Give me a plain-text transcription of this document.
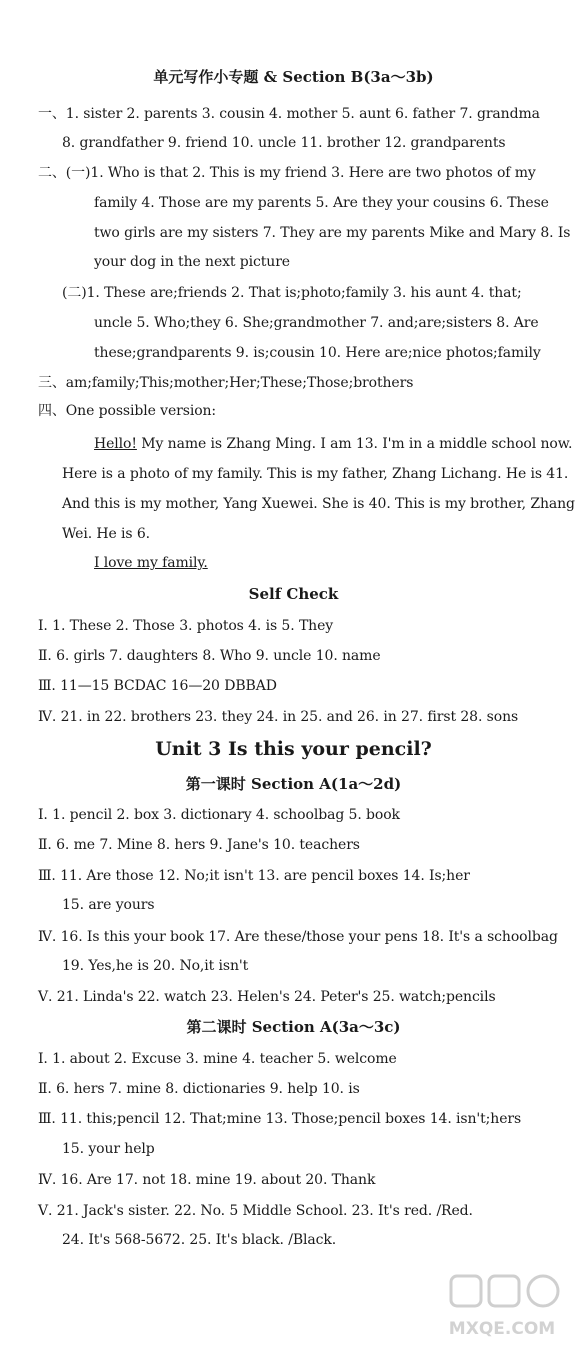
单元写作小专题 & Section B(3a～3b)
一、1. sister 2. parents 3. cousin 4. mother 5. aunt 6. father 7. grandma
8. grandfather 9. friend 10. uncle 11. brother 12. grandparents
二、(一)1. Who is that 2. This is my friend 3. Here are two photos of my
family 4. Those are my parents 5. Are they your cousins 6. These
two girls are my sisters 7. They are my parents Mike and Mary 8. Is
your dog in the next picture
(二)1. These are;friends 2. That is;photo;family 3. his aunt 4. that;
uncle 5. Who;they 6. She;grandmother 7. and;are;sisters 8. Are
these;grandparents 9. is;cousin 10. Here are;nice photos;family
三、am;family;This;mother;Her;These;Those;brothers
四、One possible version:
Hello! My name is Zhang Ming. I am 13. I'm in a middle school now.
Here is a photo of my family. This is my father, Zhang Lichang. He is 41.
And this is my mother, Yang Xuewei. She is 40. This is my brother, Zhang
Wei. He is 6.
I love my family.
Self Check
Ⅰ. 1. These 2. Those 3. photos 4. is 5. They
Ⅱ. 6. girls 7. daughters 8. Who 9. uncle 10. name
Ⅲ. 11—15 BCDAC 16—20 DBBAD
Ⅳ. 21. in 22. brothers 23. they 24. in 25. and 26. in 27. first 28. sons
Unit 3 Is this your pencil?
第一课时 Section A(1a～2d)
Ⅰ. 1. pencil 2. box 3. dictionary 4. schoolbag 5. book
Ⅱ. 6. me 7. Mine 8. hers 9. Jane's 10. teachers
Ⅲ. 11. Are those 12. No;it isn't 13. are pencil boxes 14. Is;her
15. are yours
Ⅳ. 16. Is this your book 17. Are these/those your pens 18. It's a schoolbag
19. Yes,he is 20. No,it isn't
Ⅴ. 21. Linda's 22. watch 23. Helen's 24. Peter's 25. watch;pencils
第二课时 Section A(3a～3c)
Ⅰ. 1. about 2. Excuse 3. mine 4. teacher 5. welcome
Ⅱ. 6. hers 7. mine 8. dictionaries 9. help 10. is
Ⅲ. 11. this;pencil 12. That;mine 13. Those;pencil boxes 14. isn't;hers
15. your help
Ⅳ. 16. Are 17. not 18. mine 19. about 20. Thank
Ⅴ. 21. Jack's sister. 22. No. 5 Middle School. 23. It's red. /Red.
24. It's 568-5672. 25. It's black. /Black.
MXQE.COM
